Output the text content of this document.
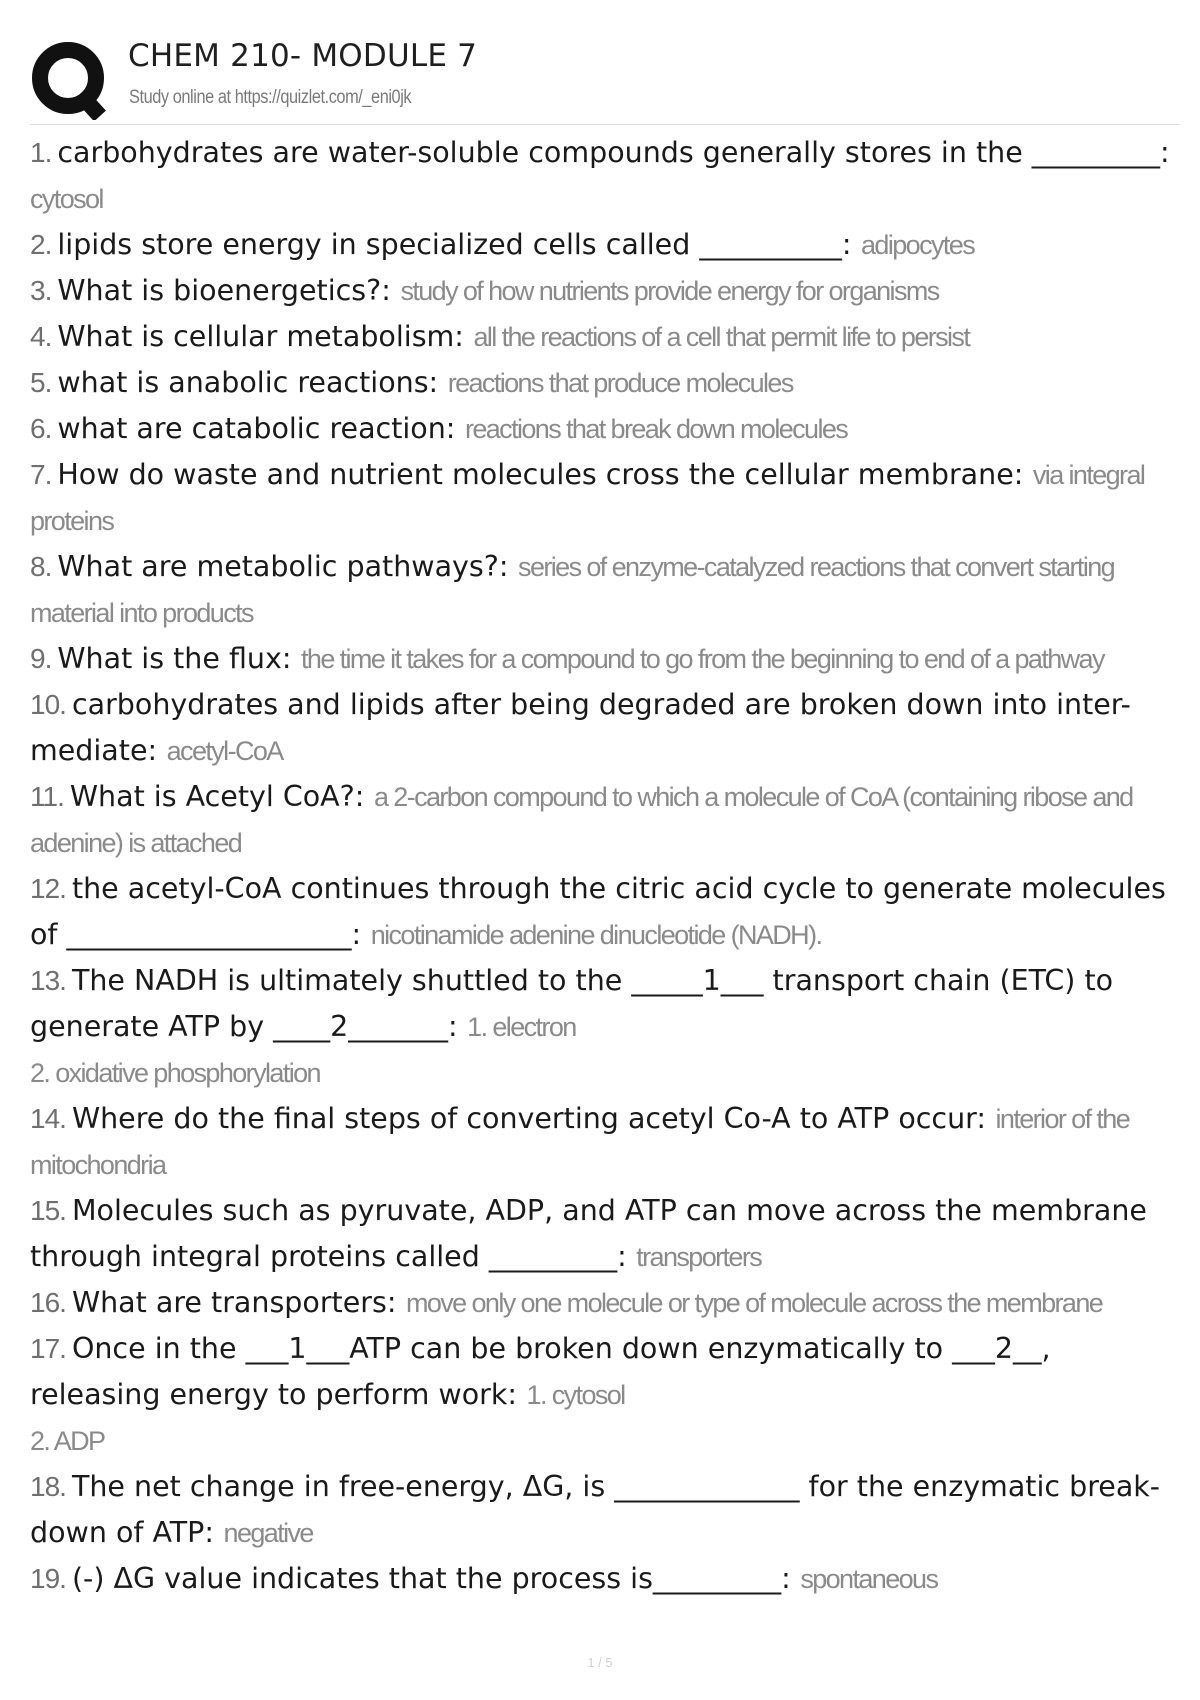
CHEM 210- MODULE 7
Study online at https://quizlet.com/_eni0jk
1. carbohydrates are water-soluble compounds generally stores in the _________: cytosol
2. lipids store energy in specialized cells called __________: adipocytes
3. What is bioenergetics?: study of how nutrients provide energy for organisms
4. What is cellular metabolism: all the reactions of a cell that permit life to persist
5. what is anabolic reactions: reactions that produce molecules
6. what are catabolic reaction: reactions that break down molecules
7. How do waste and nutrient molecules cross the cellular membrane: via integral proteins
8. What are metabolic pathways?: series of enzyme-catalyzed reactions that convert starting material into products
9. What is the flux: the time it takes for a compound to go from the beginning to end of a pathway
10. carbohydrates and lipids after being degraded are broken down into inter-mediate: acetyl-CoA
11. What is Acetyl CoA?: a 2-carbon compound to which a molecule of CoA (containing ribose and adenine) is attached
12. the acetyl-CoA continues through the citric acid cycle to generate molecules of ____________________: nicotinamide adenine dinucleotide (NADH).
13. The NADH is ultimately shuttled to the _____1___ transport chain (ETC) to generate ATP by ____2_______: 1. electron
2. oxidative phosphorylation
14. Where do the final steps of converting acetyl Co-A to ATP occur: interior of the mitochondria
15. Molecules such as pyruvate, ADP, and ATP can move across the membrane through integral proteins called _________: transporters
16. What are transporters: move only one molecule or type of molecule across the membrane
17. Once in the ___1___ATP can be broken down enzymatically to ___2__, releasing energy to perform work: 1. cytosol
2. ADP
18. The net change in free-energy, ΔG, is _____________ for the enzymatic break-down of ATP: negative
19. (-) ΔG value indicates that the process is_________: spontaneous
1 / 5
